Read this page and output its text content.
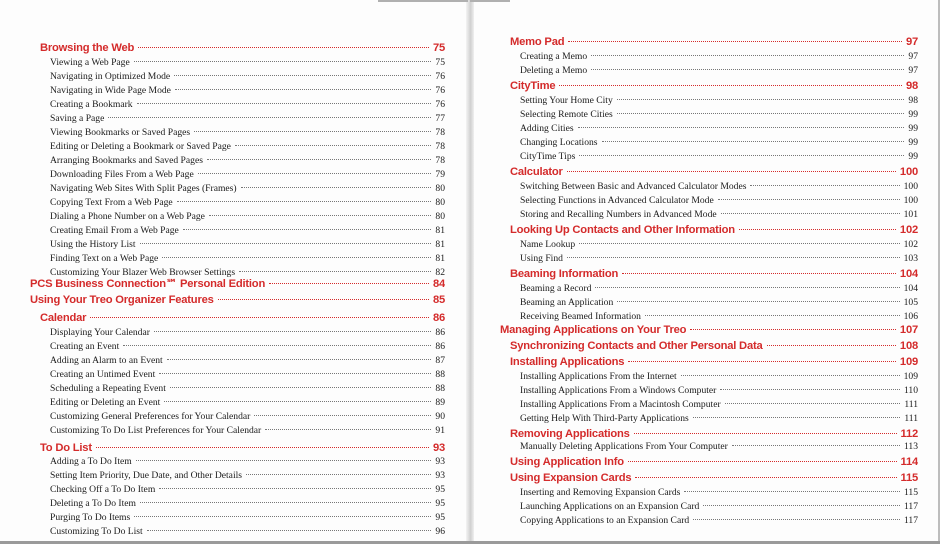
Browsing the Web	75
Viewing a Web Page	75
Navigating in Optimized Mode	76
Navigating in Wide Page Mode	76
Creating a Bookmark	76
Saving a Page	77
Viewing Bookmarks or Saved Pages	78
Editing or Deleting a Bookmark or Saved Page	78
Arranging Bookmarks and Saved Pages	78
Downloading Files From a Web Page	79
Navigating Web Sites With Split Pages (Frames)	80
Copying Text From a Web Page	80
Dialing a Phone Number on a Web Page	80
Creating Email From a Web Page	81
Using the History List	81
Finding Text on a Web Page	81
Customizing Your Blazer Web Browser Settings	82
PCS Business Connection℠ Personal Edition	84
Using Your Treo Organizer Features	85
Calendar	86
Displaying Your Calendar	86
Creating an Event	86
Adding an Alarm to an Event	87
Creating an Untimed Event	88
Scheduling a Repeating Event	88
Editing or Deleting an Event	89
Customizing General Preferences for Your Calendar	90
Customizing To Do List Preferences for Your Calendar	91
To Do List	93
Adding a To Do Item	93
Setting Item Priority, Due Date, and Other Details	93
Checking Off a To Do Item	95
Deleting a To Do Item	95
Purging To Do Items	95
Customizing To Do List	96
Memo Pad	97
Creating a Memo	97
Deleting a Memo	97
CityTime	98
Setting Your Home City	98
Selecting Remote Cities	99
Adding Cities	99
Changing Locations	99
CityTime Tips	99
Calculator	100
Switching Between Basic and Advanced Calculator Modes	100
Selecting Functions in Advanced Calculator Mode	100
Storing and Recalling Numbers in Advanced Mode	101
Looking Up Contacts and Other Information	102
Name Lookup	102
Using Find	103
Beaming Information	104
Beaming a Record	104
Beaming an Application	105
Receiving Beamed Information	106
Managing Applications on Your Treo	107
Synchronizing Contacts and Other Personal Data	108
Installing Applications	109
Installing Applications From the Internet	109
Installing Applications From a Windows Computer	110
Installing Applications From a Macintosh Computer	111
Getting Help With Third-Party Applications	111
Removing Applications	112
Manually Deleting Applications From Your Computer	113
Using Application Info	114
Using Expansion Cards	115
Inserting and Removing Expansion Cards	115
Launching Applications on an Expansion Card	117
Copying Applications to an Expansion Card	117
